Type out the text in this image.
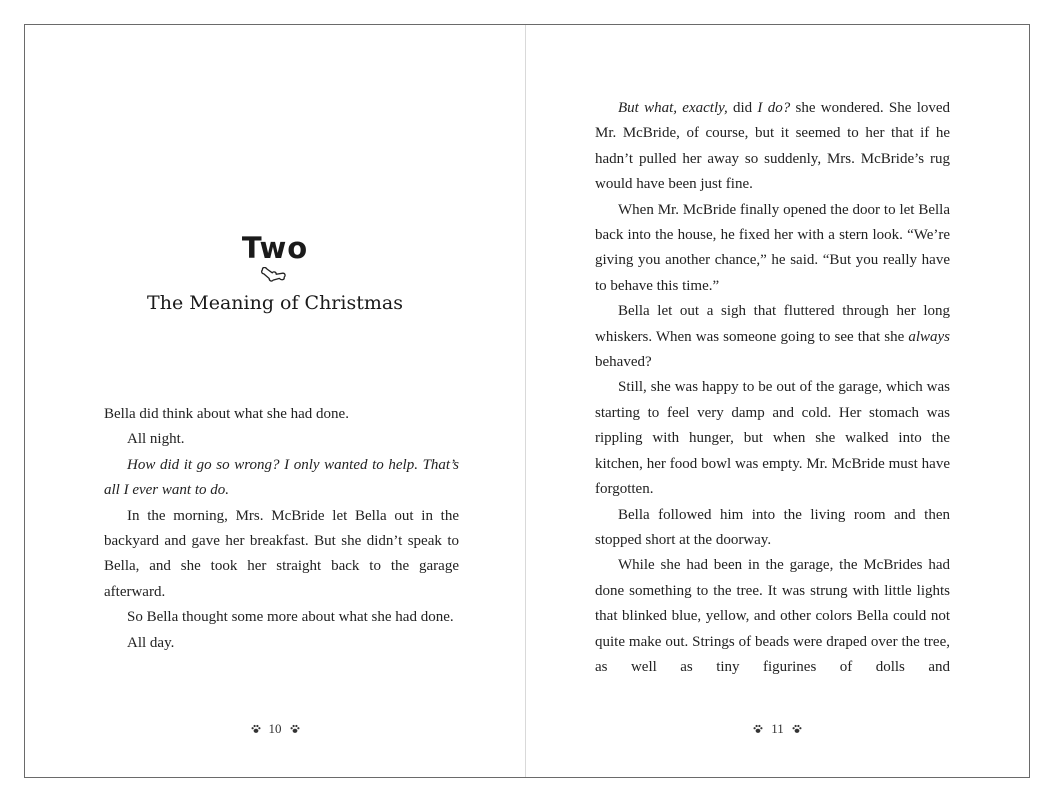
Two
The Meaning of Christmas

Bella did think about what she had done.

All night.

How did it go so wrong? I only wanted to help. That’s all I ever want to do.

In the morning, Mrs. McBride let Bella out in the backyard and gave her breakfast. But she didn’t speak to Bella, and she took her straight back to the garage afterward.

So Bella thought some more about what she had done.

All day.

10

But what, exactly, did I do? she wondered. She loved Mr. McBride, of course, but it seemed to her that if he hadn’t pulled her away so suddenly, Mrs. McBride’s rug would have been just fine.

When Mr. McBride finally opened the door to let Bella back into the house, he fixed her with a stern look. “We’re giving you another chance,” he said. “But you really have to behave this time.”

Bella let out a sigh that fluttered through her long whiskers. When was someone going to see that she always behaved?

Still, she was happy to be out of the garage, which was starting to feel very damp and cold. Her stomach was rippling with hunger, but when she walked into the kitchen, her food bowl was empty. Mr. McBride must have forgotten.

Bella followed him into the living room and then stopped short at the doorway.

While she had been in the garage, the McBrides had done something to the tree. It was strung with little lights that blinked blue, yellow, and other colors Bella could not quite make out. Strings of beads were draped over the tree, as well as tiny figurines of dolls and

11
